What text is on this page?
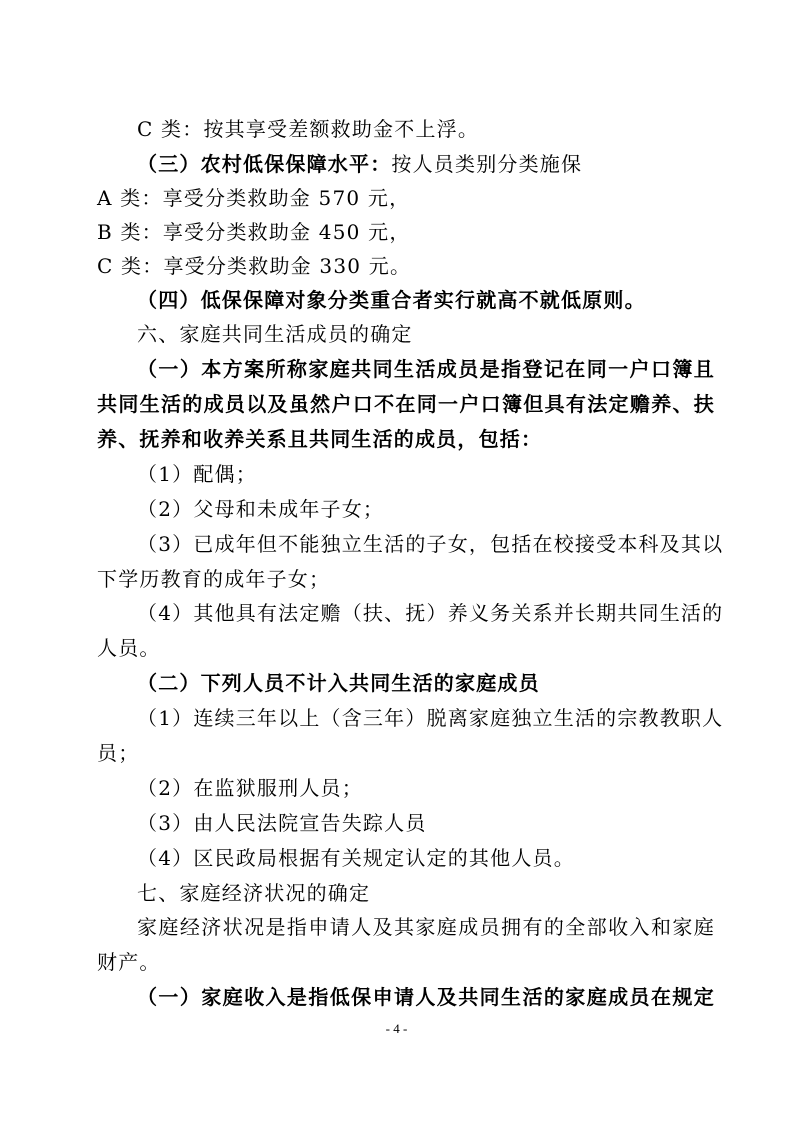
C 类：按其享受差额救助金不上浮。
（三）农村低保保障水平：按人员类别分类施保
A 类：享受分类救助金 570 元，
B 类：享受分类救助金 450 元，
C 类：享受分类救助金 330 元。
（四）低保保障对象分类重合者实行就高不就低原则。
六、家庭共同生活成员的确定
（一）本方案所称家庭共同生活成员是指登记在同一户口簿且
共同生活的成员以及虽然户口不在同一户口簿但具有法定赡养、扶
养、抚养和收养关系且共同生活的成员，包括：
（1）配偶；
（2）父母和未成年子女；
（3）已成年但不能独立生活的子女，包括在校接受本科及其以
下学历教育的成年子女；
（4）其他具有法定赡（扶、抚）养义务关系并长期共同生活的
人员。
（二）下列人员不计入共同生活的家庭成员
（1）连续三年以上（含三年）脱离家庭独立生活的宗教教职人
员；
（2）在监狱服刑人员；
（3）由人民法院宣告失踪人员
（4）区民政局根据有关规定认定的其他人员。
七、家庭经济状况的确定
家庭经济状况是指申请人及其家庭成员拥有的全部收入和家庭
财产。
（一）家庭收入是指低保申请人及共同生活的家庭成员在规定
- 4 -
